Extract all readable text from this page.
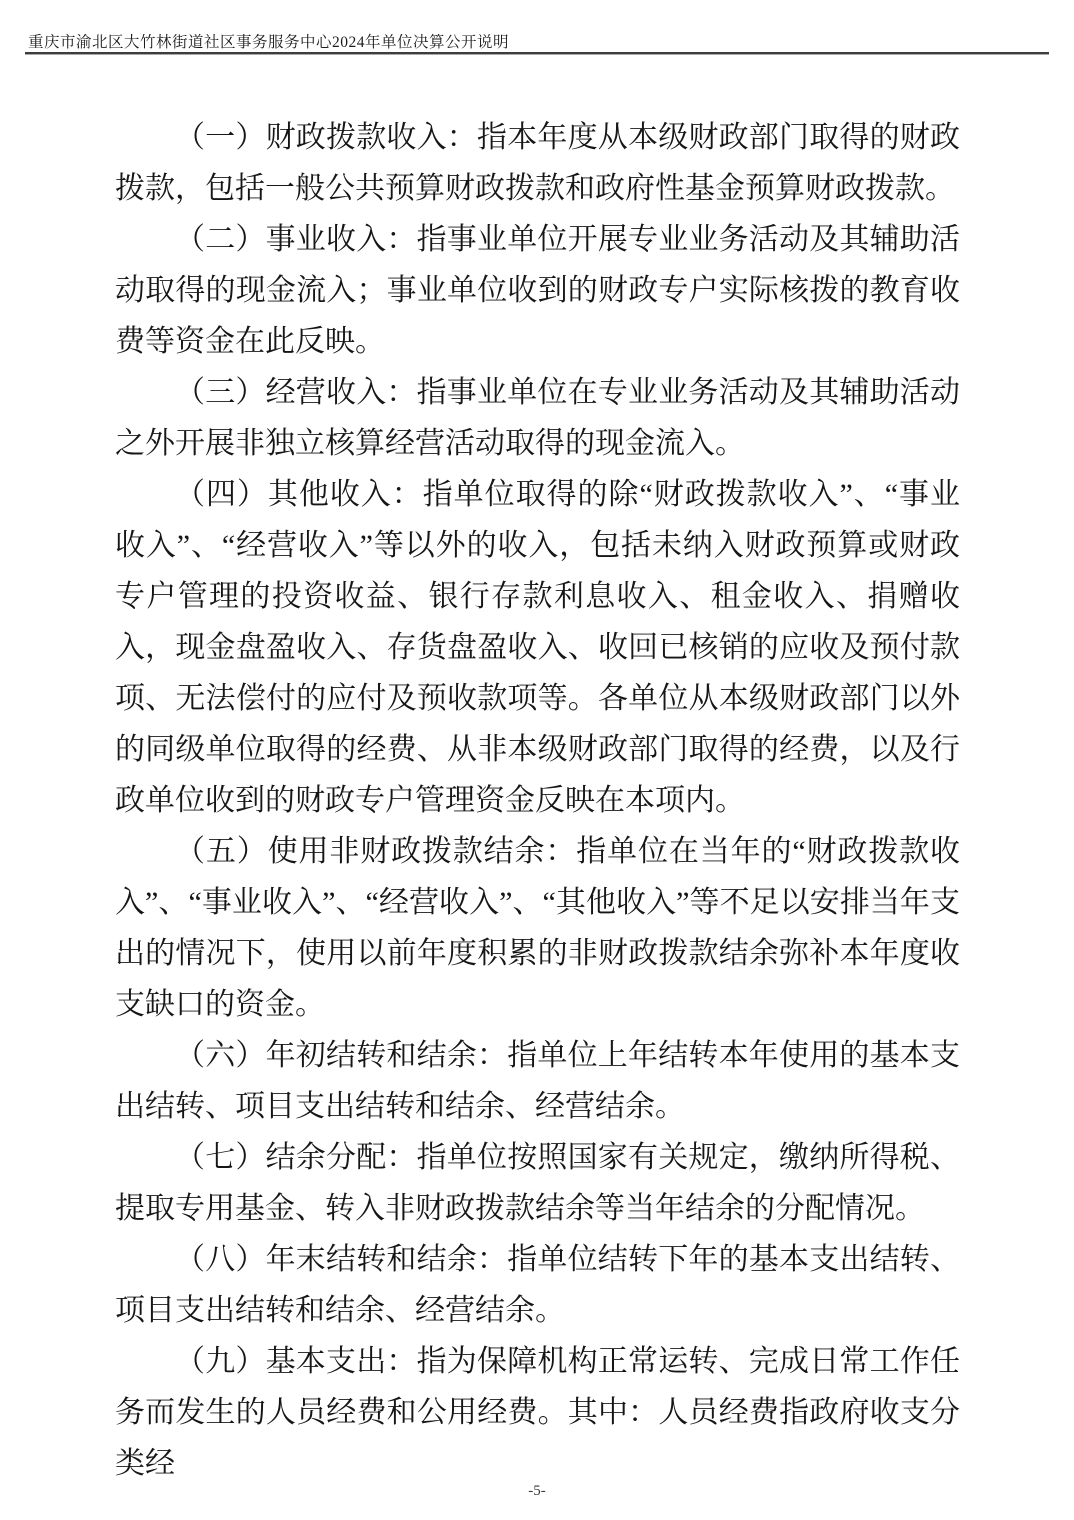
重庆市渝北区大竹林街道社区事务服务中心2024年单位决算公开说明

（一）财政拨款收入：指本年度从本级财政部门取得的财政拨款，包括一般公共预算财政拨款和政府性基金预算财政拨款。

（二）事业收入：指事业单位开展专业业务活动及其辅助活动取得的现金流入；事业单位收到的财政专户实际核拨的教育收费等资金在此反映。

（三）经营收入：指事业单位在专业业务活动及其辅助活动之外开展非独立核算经营活动取得的现金流入。

（四）其他收入：指单位取得的除“财政拨款收入”、“事业收入”、“经营收入”等以外的收入，包括未纳入财政预算或财政专户管理的投资收益、银行存款利息收入、租金收入、捐赠收入，现金盘盈收入、存货盘盈收入、收回已核销的应收及预付款项、无法偿付的应付及预收款项等。各单位从本级财政部门以外的同级单位取得的经费、从非本级财政部门取得的经费，以及行政单位收到的财政专户管理资金反映在本项内。

（五）使用非财政拨款结余：指单位在当年的“财政拨款收入”、“事业收入”、“经营收入”、“其他收入”等不足以安排当年支出的情况下，使用以前年度积累的非财政拨款结余弥补本年度收支缺口的资金。

（六）年初结转和结余：指单位上年结转本年使用的基本支出结转、项目支出结转和结余、经营结余。

（七）结余分配：指单位按照国家有关规定，缴纳所得税、提取专用基金、转入非财政拨款结余等当年结余的分配情况。

（八）年末结转和结余：指单位结转下年的基本支出结转、项目支出结转和结余、经营结余。

（九）基本支出：指为保障机构正常运转、完成日常工作任务而发生的人员经费和公用经费。其中：人员经费指政府收支分类经

-5-
